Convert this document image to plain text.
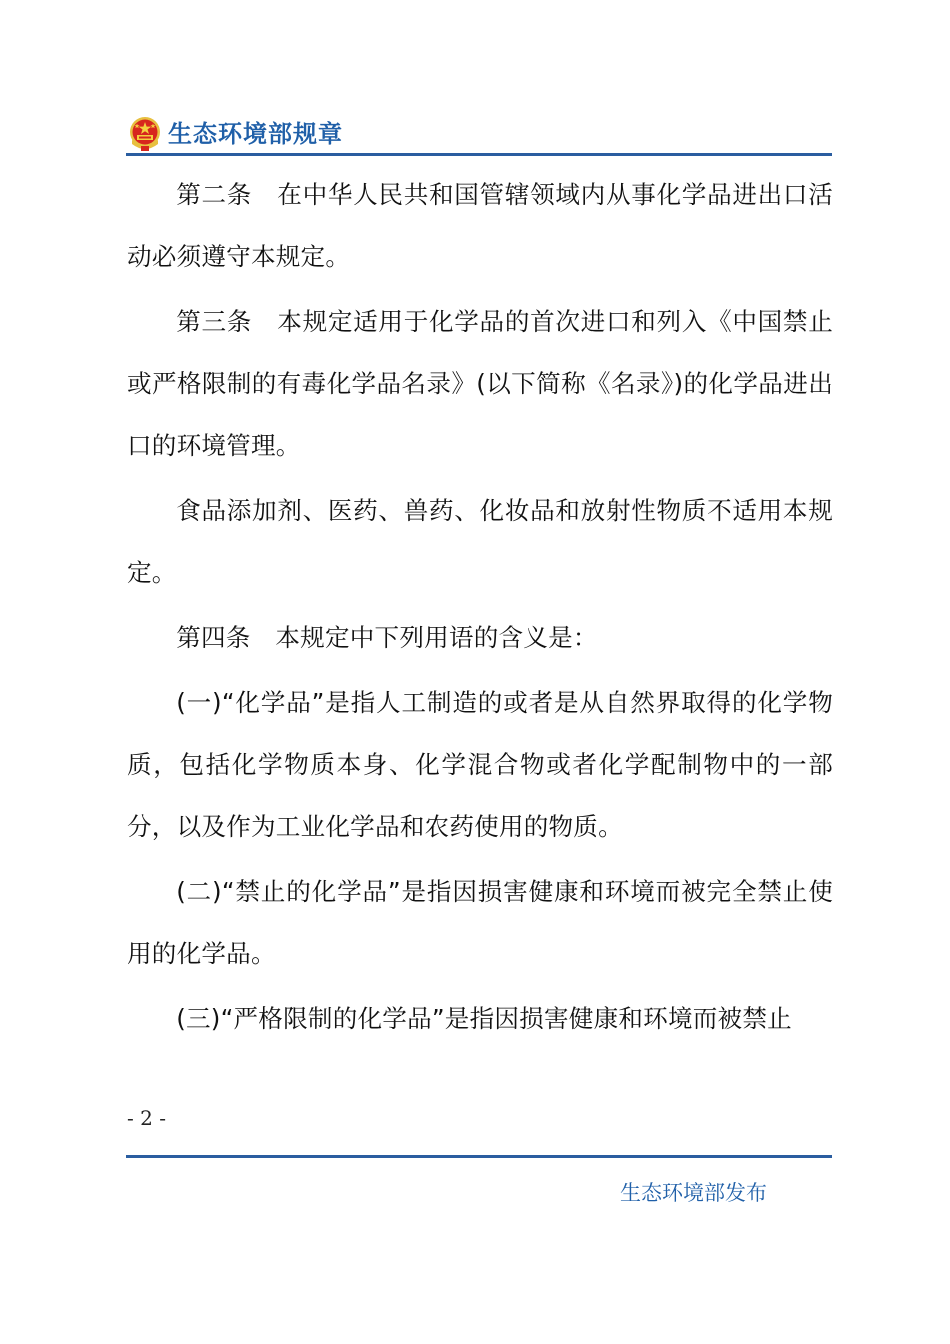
生态环境部规章

第二条　在中华人民共和国管辖领域内从事化学品进出口活动必须遵守本规定。

第三条　本规定适用于化学品的首次进口和列入《中国禁止或严格限制的有毒化学品名录》(以下简称《名录》)的化学品进出口的环境管理。

食品添加剂、医药、兽药、化妆品和放射性物质不适用本规定。

第四条　本规定中下列用语的含义是：

(一)“化学品”是指人工制造的或者是从自然界取得的化学物质，包括化学物质本身、化学混合物或者化学配制物中的一部分，以及作为工业化学品和农药使用的物质。

(二)“禁止的化学品”是指因损害健康和环境而被完全禁止使用的化学品。

(三)“严格限制的化学品”是指因损害健康和环境而被禁止

- 2 -
生态环境部发布
